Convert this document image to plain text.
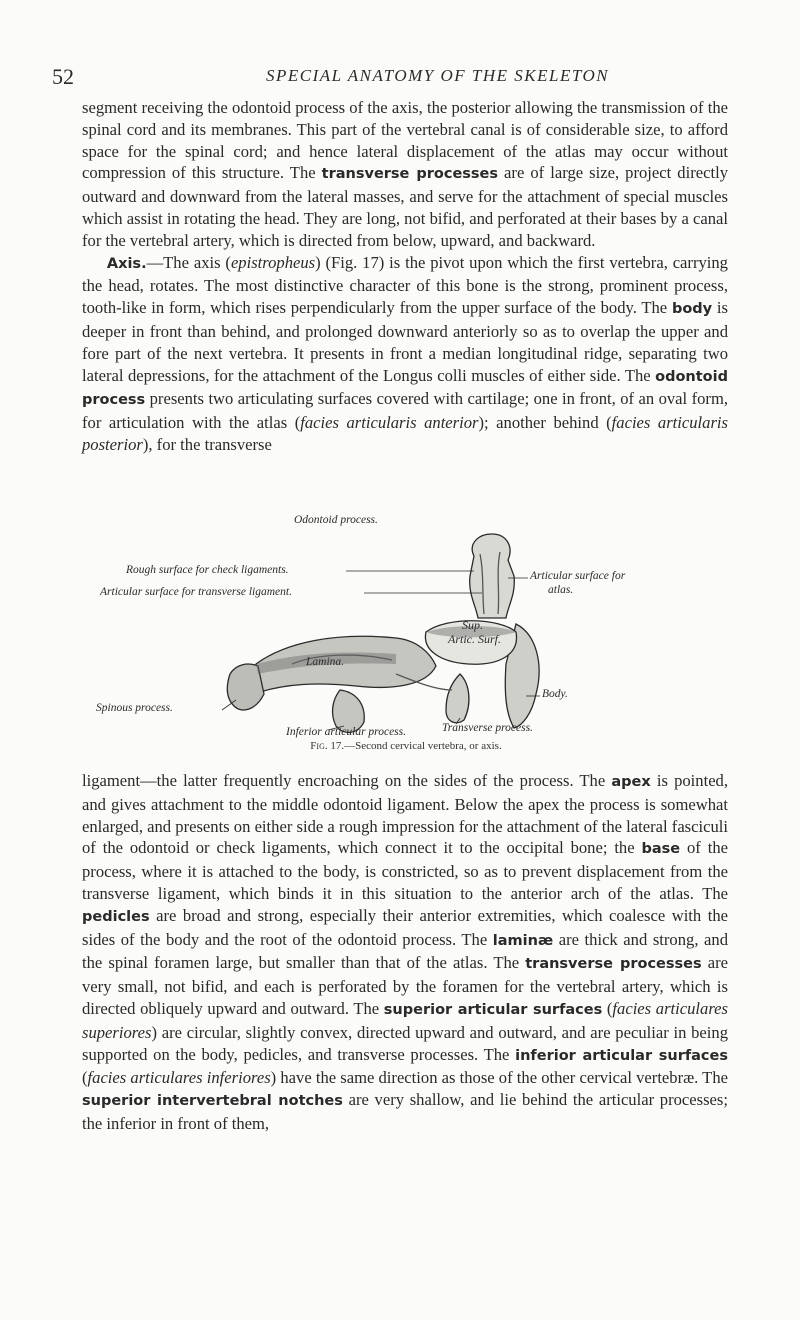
52	SPECIAL ANATOMY OF THE SKELETON

segment receiving the odontoid process of the axis, the posterior allowing the transmission of the spinal cord and its membranes. This part of the vertebral canal is of considerable size, to afford space for the spinal cord; and hence lateral displacement of the atlas may occur without compression of this structure. The transverse processes are of large size, project directly outward and downward from the lateral masses, and serve for the attachment of special muscles which assist in rotating the head. They are long, not bifid, and perforated at their bases by a canal for the vertebral artery, which is directed from below, upward, and backward.

Axis.—The axis (epistropheus) (Fig. 17) is the pivot upon which the first vertebra, carrying the head, rotates. The most distinctive character of this bone is the strong, prominent process, tooth-like in form, which rises perpendicularly from the upper surface of the body. The body is deeper in front than behind, and prolonged downward anteriorly so as to overlap the upper and fore part of the next vertebra. It presents in front a median longitudinal ridge, separating two lateral depressions, for the attachment of the Longus colli muscles of either side. The odontoid process presents two articulating surfaces covered with cartilage; one in front, of an oval form, for articulation with the atlas (facies articularis anterior); another behind (facies articularis posterior), for the transverse

Odontoid process.
Rough surface for check ligaments.
Articular surface for transverse ligament.
Articular surface for
atlas.
Sup.
Artic. Surf.
Lamina.
Body.
Spinous process.
Transverse process.
Inferior articular process.
Fig. 17.—Second cervical vertebra, or axis.

ligament—the latter frequently encroaching on the sides of the process. The apex is pointed, and gives attachment to the middle odontoid ligament. Below the apex the process is somewhat enlarged, and presents on either side a rough impression for the attachment of the lateral fasciculi of the odontoid or check ligaments, which connect it to the occipital bone; the base of the process, where it is attached to the body, is constricted, so as to prevent displacement from the transverse ligament, which binds it in this situation to the anterior arch of the atlas. The pedicles are broad and strong, especially their anterior extremities, which coalesce with the sides of the body and the root of the odontoid process. The laminæ are thick and strong, and the spinal foramen large, but smaller than that of the atlas. The transverse processes are very small, not bifid, and each is perforated by the foramen for the vertebral artery, which is directed obliquely upward and outward. The superior articular surfaces (facies articulares superiores) are circular, slightly convex, directed upward and outward, and are peculiar in being supported on the body, pedicles, and transverse processes. The inferior articular surfaces (facies articulares inferiores) have the same direction as those of the other cervical vertebræ. The superior intervertebral notches are very shallow, and lie behind the articular processes; the inferior in front of them,
